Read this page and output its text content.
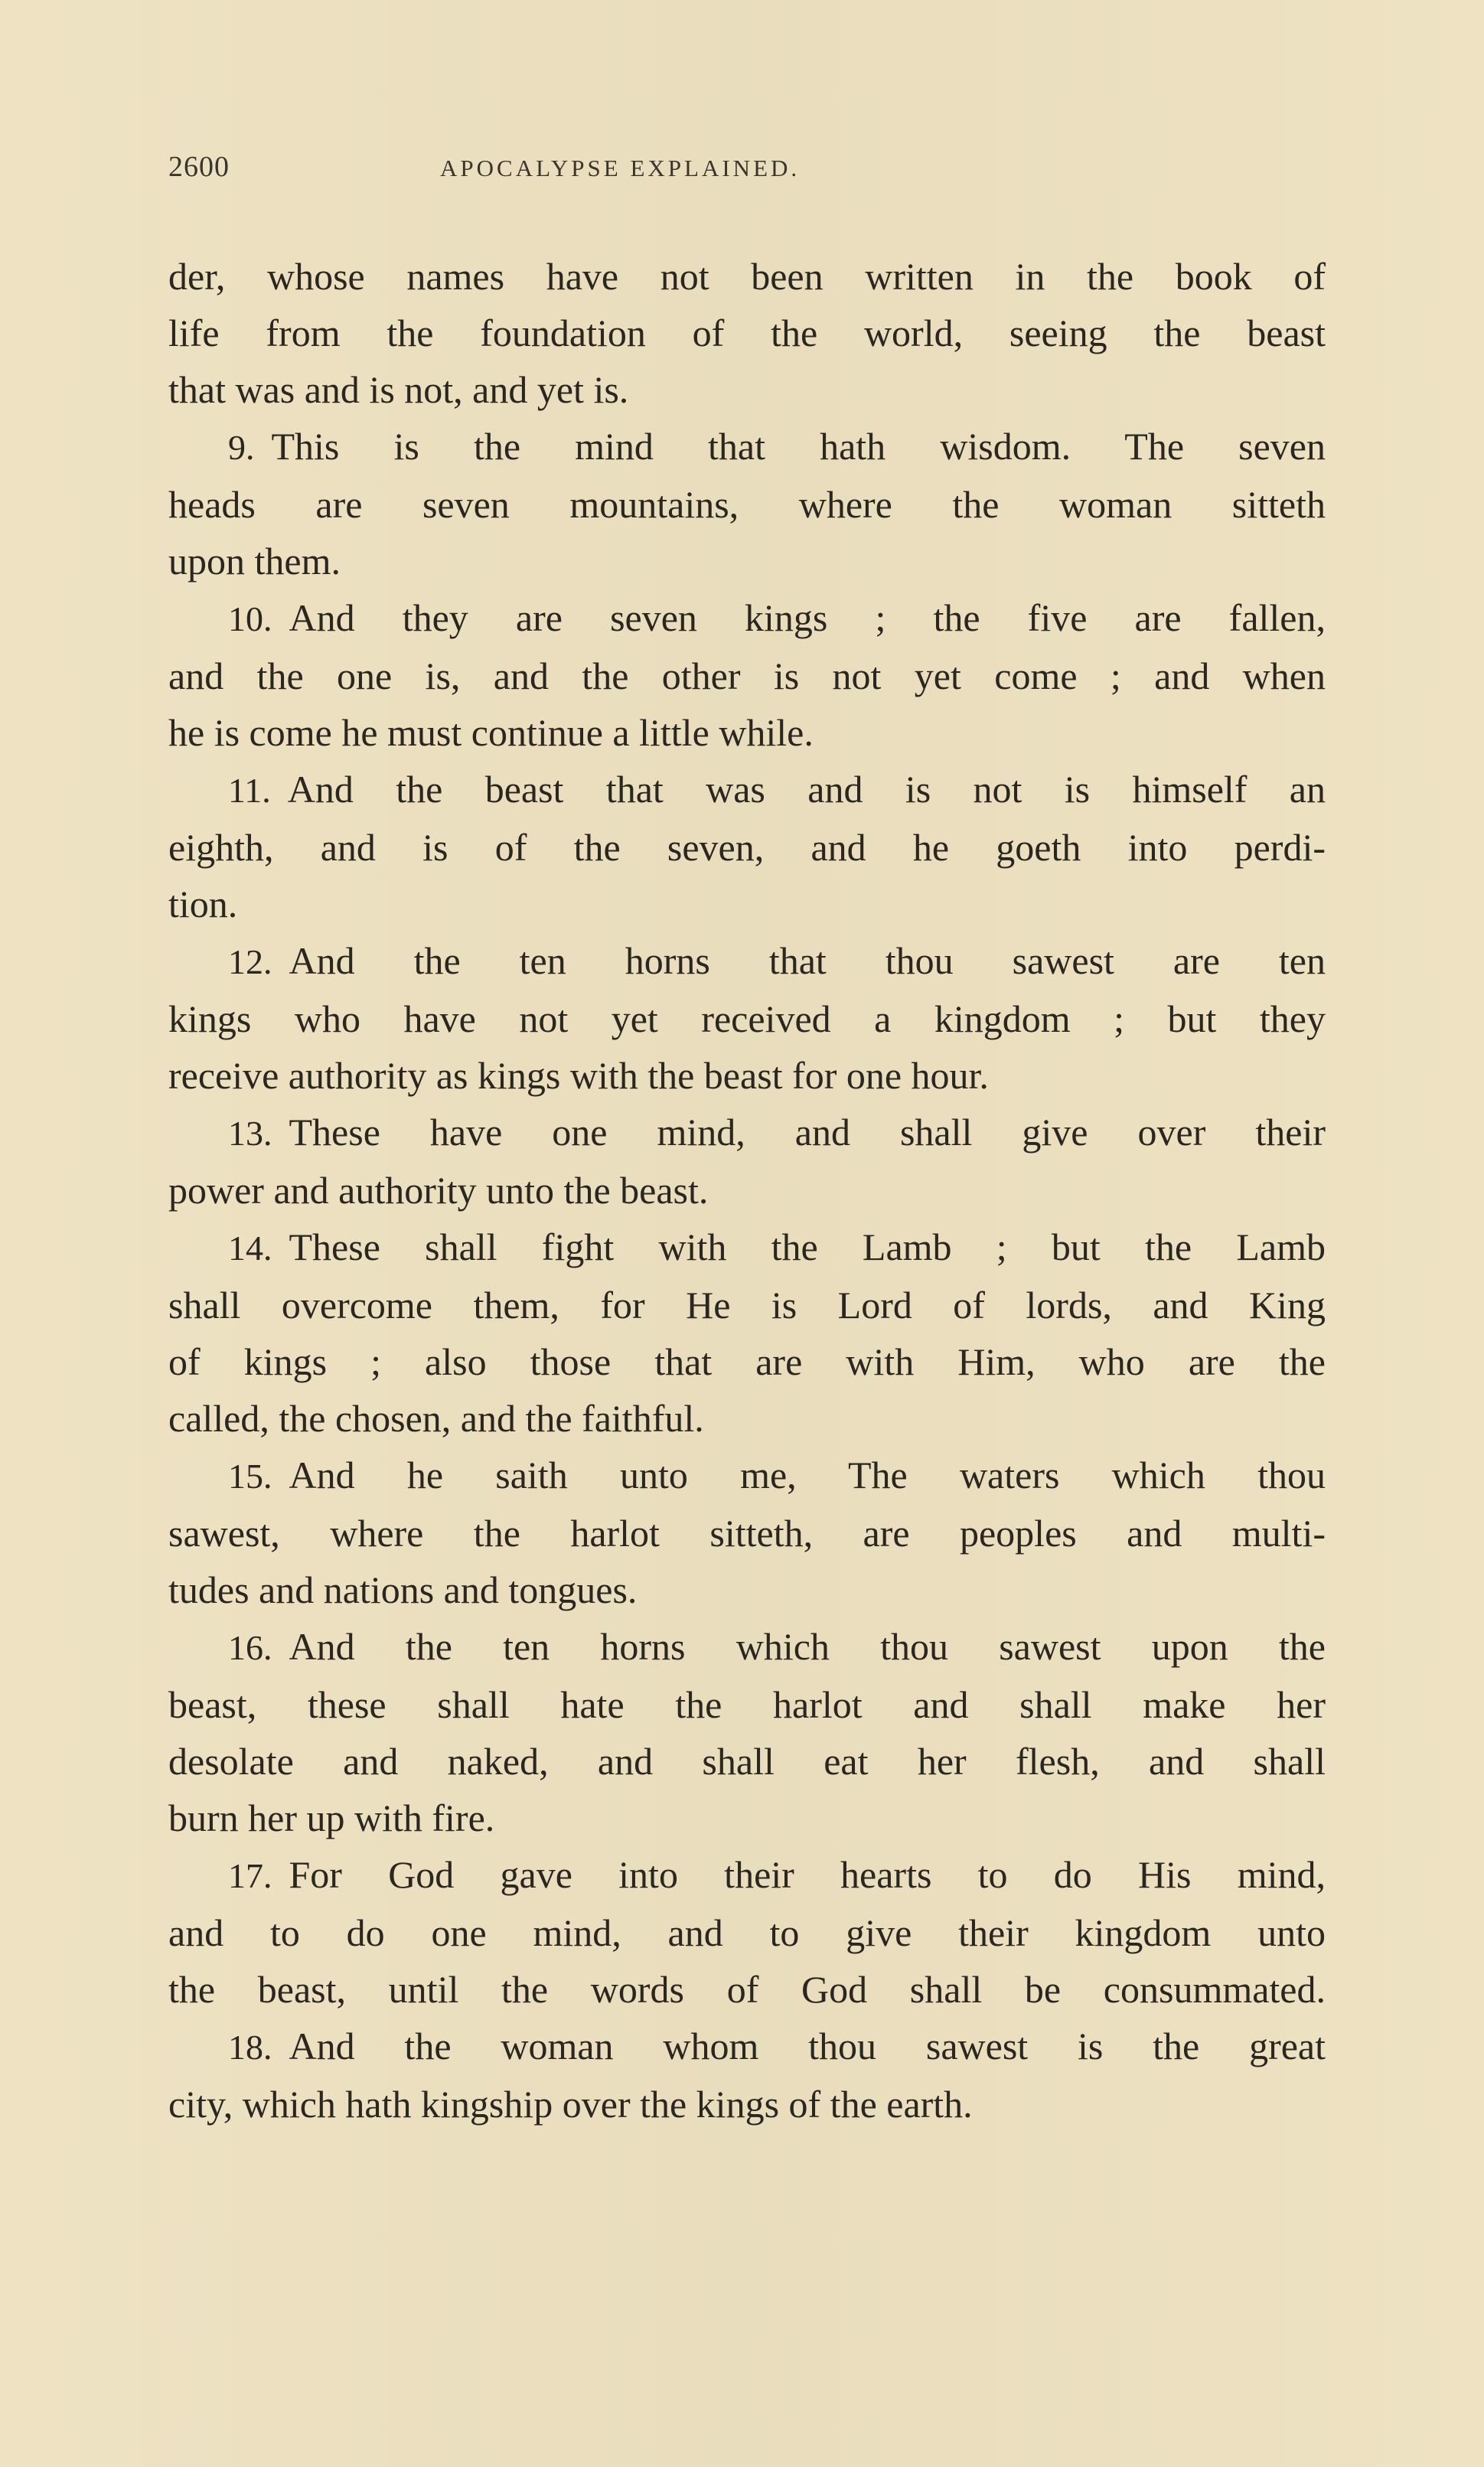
2600	APOCALYPSE EXPLAINED.
der, whose names have not been written in the book of
life from the foundation of the world, seeing the beast
that was and is not, and yet is.
9. This is the mind that hath wisdom. The seven
heads are seven mountains, where the woman sitteth
upon them.
10. And they are seven kings ; the five are fallen,
and the one is, and the other is not yet come ; and when
he is come he must continue a little while.
11. And the beast that was and is not is himself an
eighth, and is of the seven, and he goeth into perdi-
tion.
12. And the ten horns that thou sawest are ten
kings who have not yet received a kingdom ; but they
receive authority as kings with the beast for one hour.
13. These have one mind, and shall give over their
power and authority unto the beast.
14. These shall fight with the Lamb ; but the Lamb
shall overcome them, for He is Lord of lords, and King
of kings ; also those that are with Him, who are the
called, the chosen, and the faithful.
15. And he saith unto me, The waters which thou
sawest, where the harlot sitteth, are peoples and multi-
tudes and nations and tongues.
16. And the ten horns which thou sawest upon the
beast, these shall hate the harlot and shall make her
desolate and naked, and shall eat her flesh, and shall
burn her up with fire.
17. For God gave into their hearts to do His mind,
and to do one mind, and to give their kingdom unto
the beast, until the words of God shall be consummated.
18. And the woman whom thou sawest is the great
city, which hath kingship over the kings of the earth.
